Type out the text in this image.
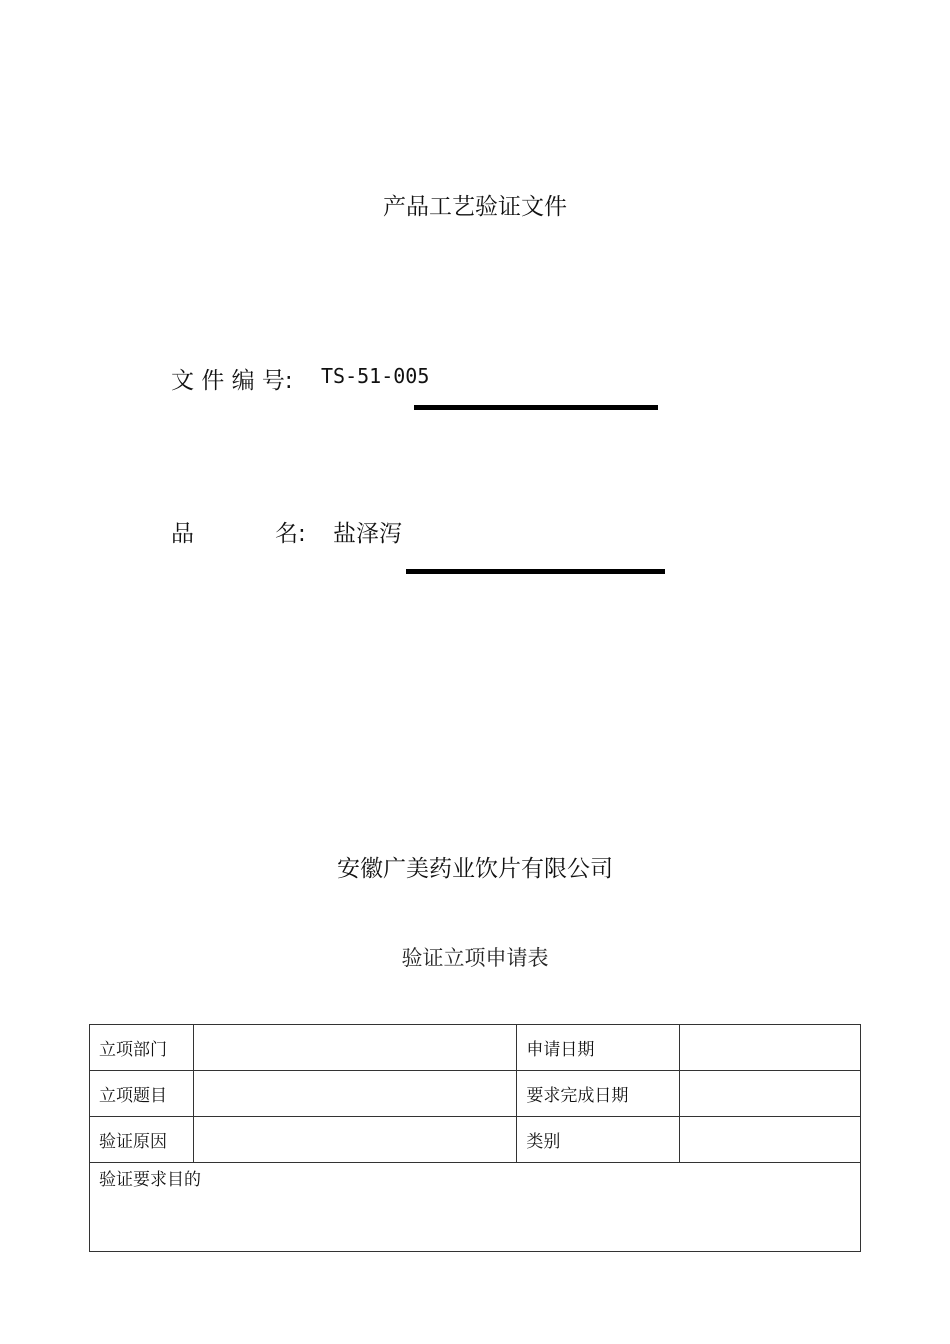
产品工艺验证文件
文 件 编 号: TS-51-005
品	名: 盐泽泻
安徽广美药业饮片有限公司
验证立项申请表
立项部门		申请日期	
立项题目		要求完成日期	
验证原因		类别	
验证要求目的			
